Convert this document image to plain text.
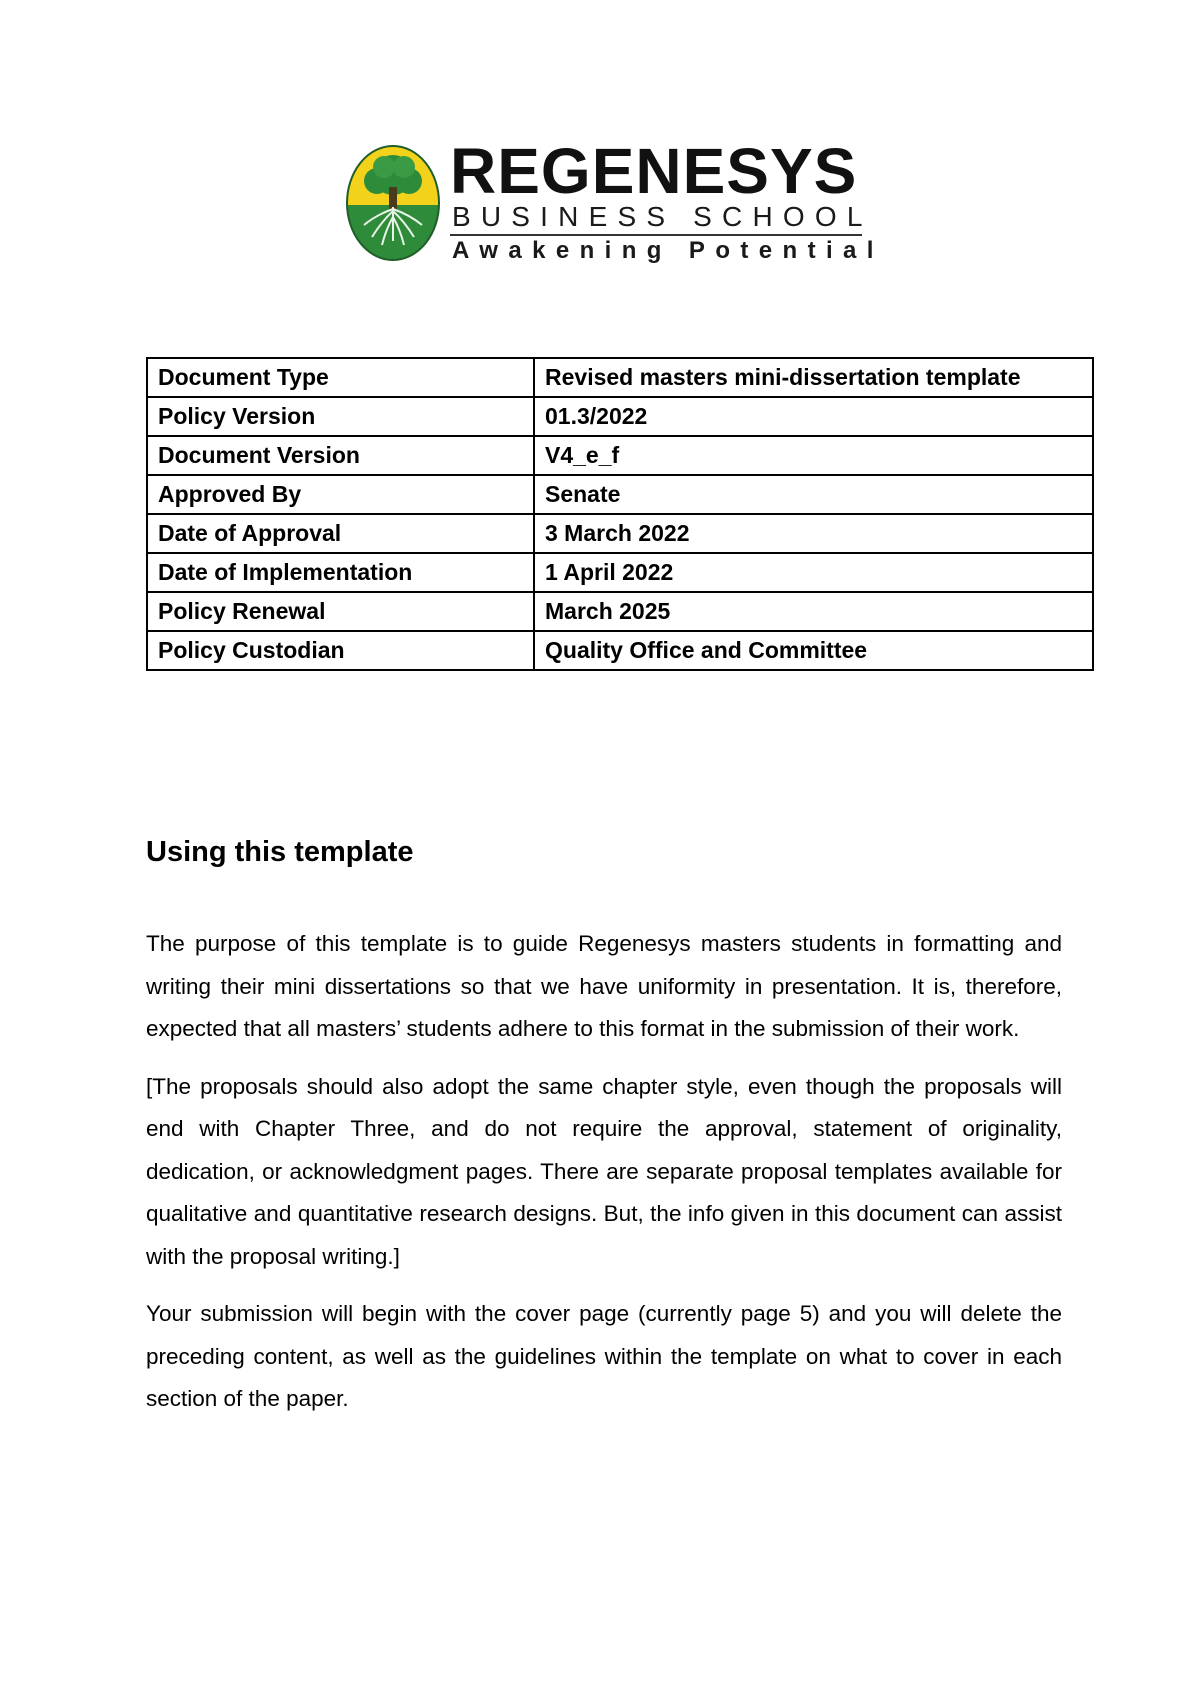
REGENESYS
BUSINESS SCHOOL
Awakening Potential
Document Type	Revised masters mini-dissertation template
Policy Version	01.3/2022
Document Version	V4_e_f
Approved By	Senate
Date of Approval	3 March 2022
Date of Implementation	1 April 2022
Policy Renewal	March 2025
Policy Custodian	Quality Office and Committee
Using this template

The purpose of this template is to guide Regenesys masters students in formatting and writing their mini dissertations so that we have uniformity in presentation. It is, therefore, expected that all masters’ students adhere to this format in the submission of their work.

[The proposals should also adopt the same chapter style, even though the proposals will end with Chapter Three, and do not require the approval, statement of originality, dedication, or acknowledgment pages. There are separate proposal templates available for qualitative and quantitative research designs. But, the info given in this document can assist with the proposal writing.]

Your submission will begin with the cover page (currently page 5) and you will delete the preceding content, as well as the guidelines within the template on what to cover in each section of the paper.
